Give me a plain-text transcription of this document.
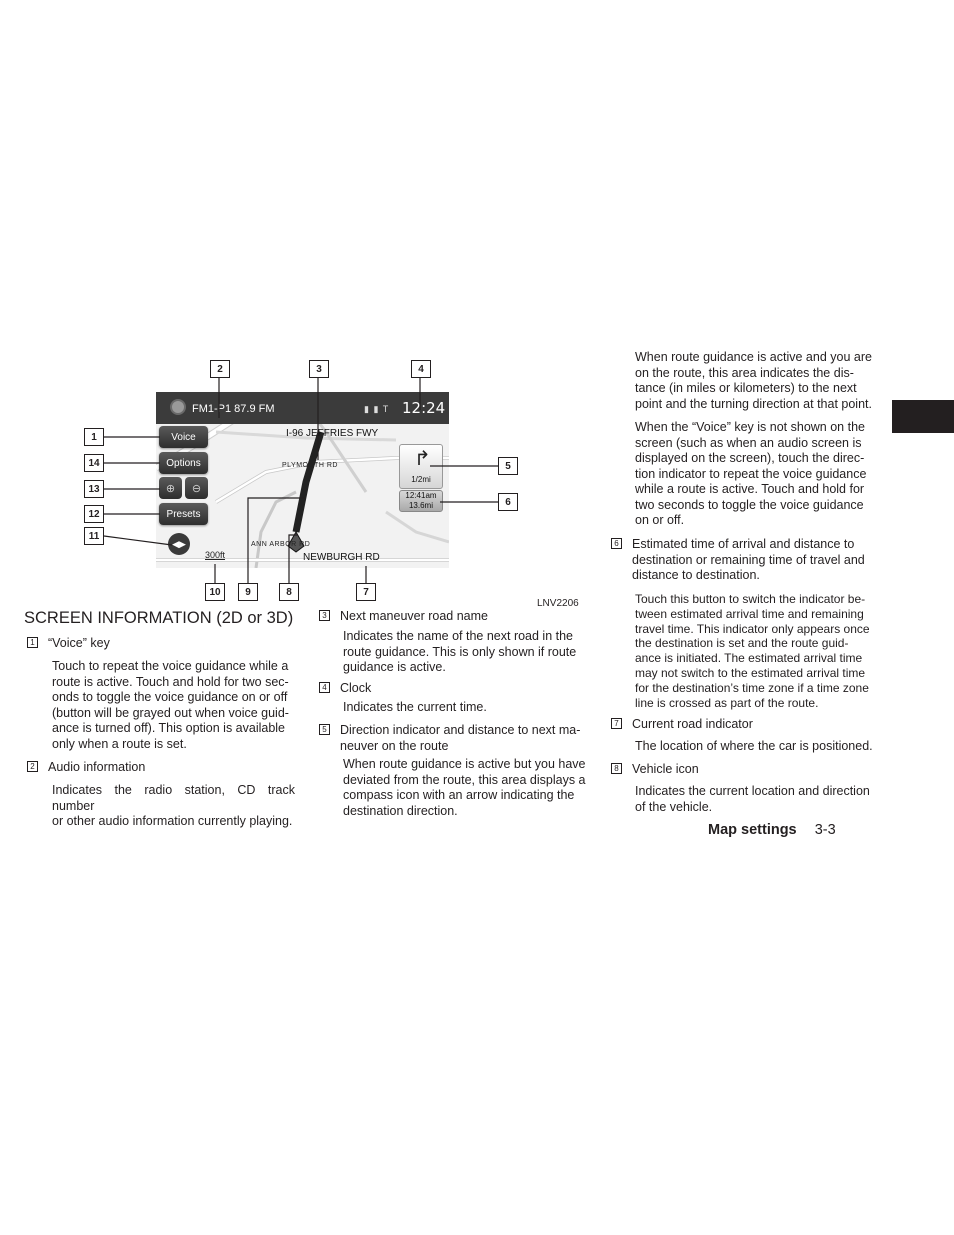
FM1-P1 87.9 FM	▮ ▮ T 12:24
I-96 JEFFRIES FWY
PLYMOUTH RD
ANN ARBOR RD
NEWBURGH RD
Voice
Options
⊕	⊖
Presets
◀▶
300ft
↱
1/2mi
12:41am
13.6mi
2	3	4
1
14
13
12
11
5
6
10	9	8	7
LNV2206
SCREEN INFORMATION (2D or 3D)
1 “Voice” key
Touch to repeat the voice guidance while a
route is active. Touch and hold for two sec-
onds to toggle the voice guidance on or off
(button will be grayed out when voice guid-
ance is turned off). This option is available
only when a route is set.
2 Audio information
Indicates the radio station, CD track number
or other audio information currently playing.
3 Next maneuver road name
Indicates the name of the next road in the
route guidance. This is only shown if route
guidance is active.
4 Clock
Indicates the current time.
5 Direction indicator and distance to next ma-
neuver on the route
When route guidance is active but you have
deviated from the route, this area displays a
compass icon with an arrow indicating the
destination direction.
When route guidance is active and you are
on the route, this area indicates the dis-
tance (in miles or kilometers) to the next
point and the turning direction at that point.
When the “Voice” key is not shown on the
screen (such as when an audio screen is
displayed on the screen), touch the direc-
tion indicator to repeat the voice guidance
while a route is active. Touch and hold for
two seconds to toggle the voice guidance
on or off.
6 Estimated time of arrival and distance to
destination or remaining time of travel and
distance to destination.
Touch this button to switch the indicator be-
tween estimated arrival time and remaining
travel time. This indicator only appears once
the destination is set and the route guid-
ance is initiated. The estimated arrival time
may not switch to the estimated arrival time
for the destination’s time zone if a time zone
line is crossed as part of the route.
7 Current road indicator
The location of where the car is positioned.
8 Vehicle icon
Indicates the current location and direction
of the vehicle.
Map settings 3-3
